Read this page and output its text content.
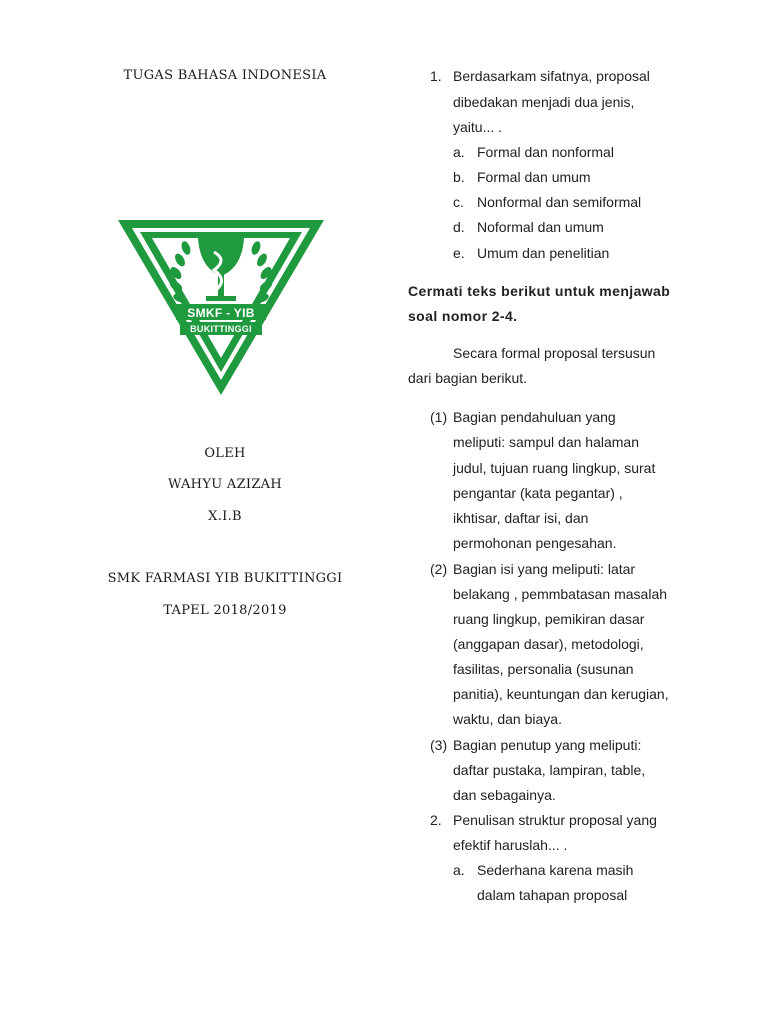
TUGAS BAHASA INDONESIA
SMKF - YIB
BUKITTINGGI
OLEH
WAHYU AZIZAH
X.I.B
SMK FARMASI YIB BUKITTINGGI
TAPEL 2018/2019
1. Berdasarkam sifatnya, proposal
dibedakan menjadi dua jenis,
yaitu... .
a. Formal dan nonformal
b. Formal dan umum
c. Nonformal dan semiformal
d. Noformal dan umum
e. Umum dan penelitian
Cermati teks berikut untuk menjawab
soal nomor 2-4.
Secara formal proposal tersusun
dari bagian berikut.
(1) Bagian pendahuluan yang
meliputi: sampul dan halaman
judul, tujuan ruang lingkup, surat
pengantar (kata pegantar) ,
ikhtisar, daftar isi, dan
permohonan pengesahan.
(2) Bagian isi yang meliputi: latar
belakang , pemmbatasan masalah
ruang lingkup, pemikiran dasar
(anggapan dasar), metodologi,
fasilitas, personalia (susunan
panitia), keuntungan dan kerugian,
waktu, dan biaya.
(3) Bagian penutup yang meliputi:
daftar pustaka, lampiran, table,
dan sebagainya.
2. Penulisan struktur proposal yang
efektif haruslah... .
a. Sederhana karena masih
dalam tahapan proposal
